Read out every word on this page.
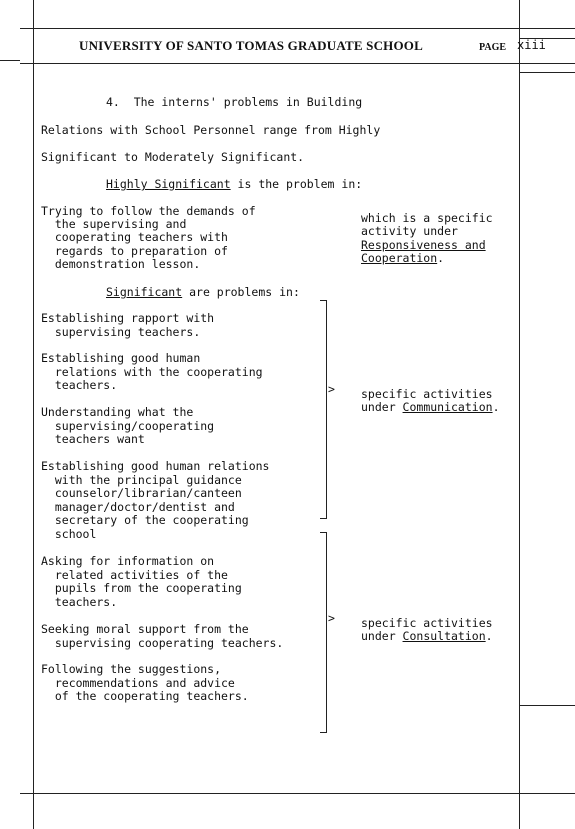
UNIVERSITY OF SANTO TOMAS GRADUATE SCHOOL	PAGE xiii
4.  The interns' problems in Building
Relations with School Personnel range from Highly
Significant to Moderately Significant.
Highly Significant is the problem in:
Trying to follow the demands of
the supervising and
cooperating teachers with
regards to preparation of
demonstration lesson.
which is a specific
activity under
Responsiveness and
Cooperation.
Significant are problems in:
Establishing rapport with
supervising teachers.
Establishing good human
relations with the cooperating
teachers.
Understanding what the
supervising/cooperating
teachers want
Establishing good human relations
with the principal guidance
counselor/librarian/canteen
manager/doctor/dentist and
secretary of the cooperating
school
> specific activities
under Communication.
Asking for information on
related activities of the
pupils from the cooperating
teachers.
Seeking moral support from the
supervising cooperating teachers.
Following the suggestions,
recommendations and advice
of the cooperating teachers.
> specific activities
under Consultation.
